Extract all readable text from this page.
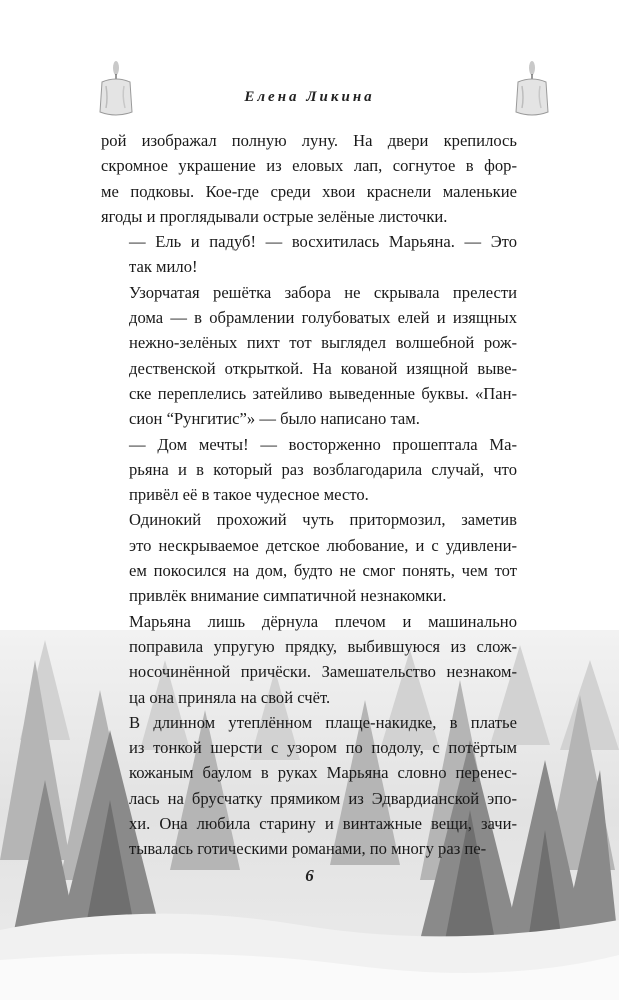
Елена Ликина

рой изображал полную луну. На двери крепилось
скромное украшение из еловых лап, согнутое в фор-
ме подковы. Кое-где среди хвои краснели маленькие
ягоды и проглядывали острые зелёные листочки.

— Ель и падуб! — восхитилась Марьяна. — Это
так мило!

Узорчатая решётка забора не скрывала прелести
дома — в обрамлении голубоватых елей и изящных
нежно-зелёных пихт тот выглядел волшебной рож-
дественской открыткой. На кованой изящной выве-
ске переплелись затейливо выведенные буквы. «Пан-
сион “Рунгитис”» — было написано там.

— Дом мечты! — восторженно прошептала Ма-
рьяна и в который раз возблагодарила случай, что
привёл её в такое чудесное место.

Одинокий прохожий чуть притормозил, заметив
это нескрываемое детское любование, и с удивлени-
ем покосился на дом, будто не смог понять, чем тот
привлёк внимание симпатичной незнакомки.

Марьяна лишь дёрнула плечом и машинально
поправила упругую прядку, выбившуюся из слож-
носочинённой причёски. Замешательство незнаком-
ца она приняла на свой счёт.

В длинном утеплённом плаще-накидке, в платье
из тонкой шерсти с узором по подолу, с потёртым
кожаным баулом в руках Марьяна словно перенес-
лась на брусчатку прямиком из Эдвардианской эпо-
хи. Она любила старину и винтажные вещи, зачи-
тывалась готическими романами, по многу раз пе-

6
